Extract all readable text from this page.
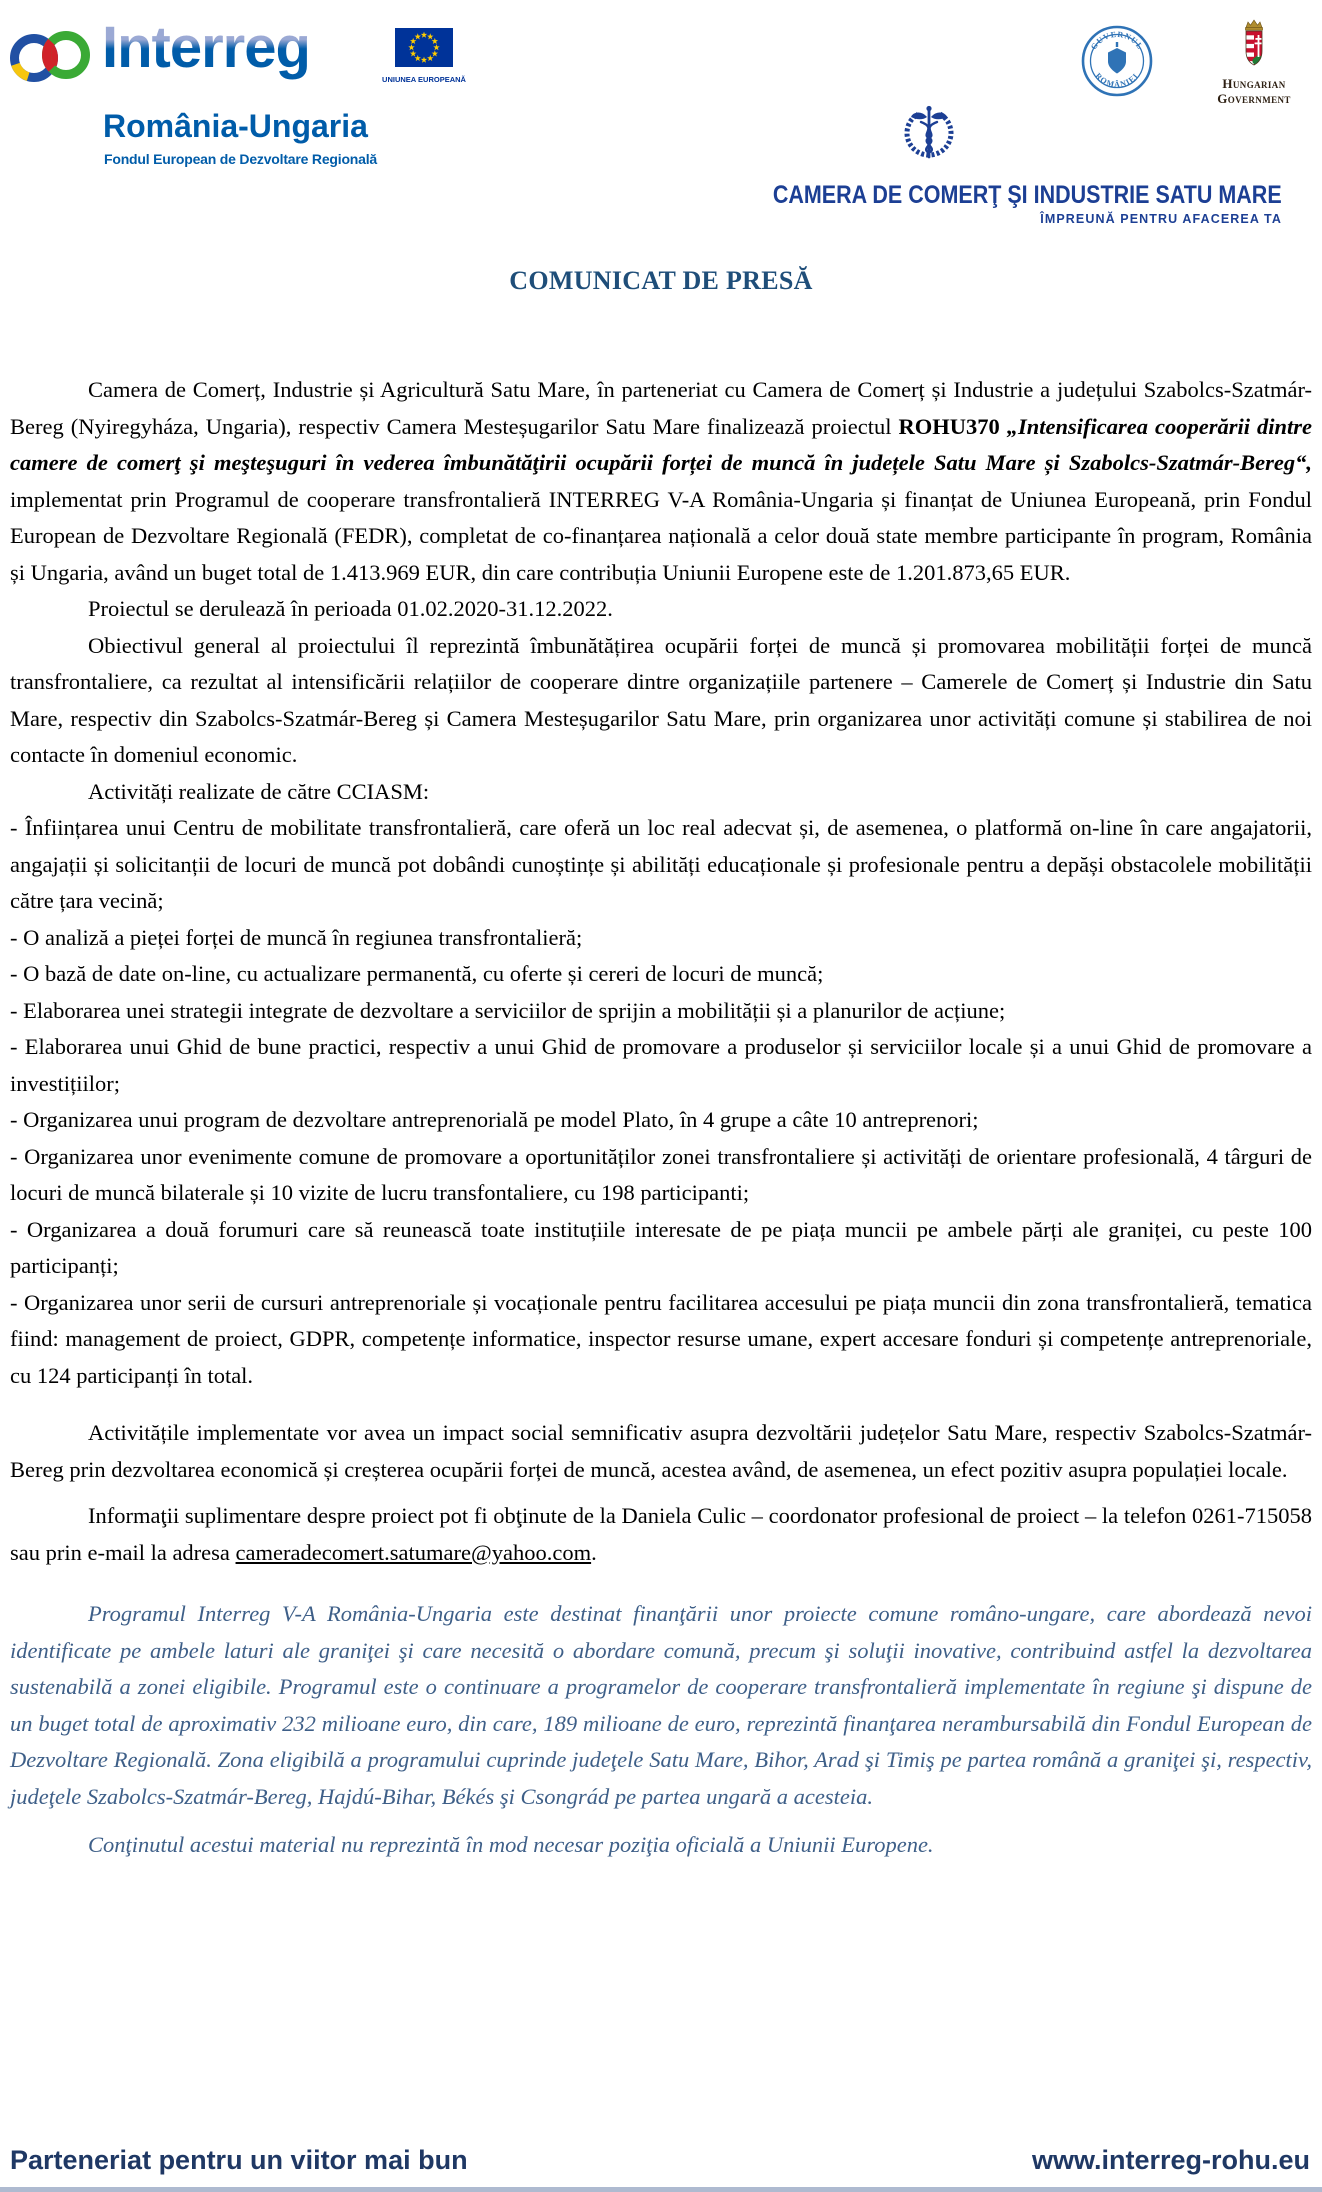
Interreg	UNIUNEA EUROPEANĂ
România-Ungaria
Fondul European de Dezvoltare Regională
GUVERNUL
ROMÂNIEI
Hungarian Government
CAMERA DE COMERŢ ŞI INDUSTRIE SATU MARE
ÎMPREUNĂ PENTRU AFACEREA TA
COMUNICAT DE PRESĂ

Camera de Comerț, Industrie și Agricultură Satu Mare, în parteneriat cu Camera de Comerț și Industrie a județului Szabolcs-Szatmár-Bereg (Nyiregyháza, Ungaria), respectiv Camera Mesteșugarilor Satu Mare finalizează proiectul ROHU370 „Intensificarea cooperării dintre camere de comerţ şi meşteşuguri în vederea îmbunătăţirii ocupării forței de muncă în județele Satu Mare și Szabolcs-Szatmár-Bereg“, implementat prin Programul de cooperare transfrontalieră INTERREG V-A România-Ungaria și finanțat de Uniunea Europeană, prin Fondul European de Dezvoltare Regională (FEDR), completat de co-finanțarea națională a celor două state membre participante în program, România și Ungaria, având un buget total de 1.413.969 EUR, din care contribuția Uniunii Europene este de 1.201.873,65 EUR.

Proiectul se derulează în perioada 01.02.2020-31.12.2022.

Obiectivul general al proiectului îl reprezintă îmbunătățirea ocupării forței de muncă și promovarea mobilității forței de muncă transfrontaliere, ca rezultat al intensificării relațiilor de cooperare dintre organizațiile partenere – Camerele de Comerț și Industrie din Satu Mare, respectiv din Szabolcs-Szatmár-Bereg și Camera Mesteșugarilor Satu Mare, prin organizarea unor activități comune și stabilirea de noi contacte în domeniul economic.

Activități realizate de către CCIASM:

- Înființarea unui Centru de mobilitate transfrontalieră, care oferă un loc real adecvat și, de asemenea, o platformă on-line în care angajatorii, angajații și solicitanții de locuri de muncă pot dobândi cunoștințe și abilități educaționale și profesionale pentru a depăși obstacolele mobilității către țara vecină;

- O analiză a pieței forței de muncă în regiunea transfrontalieră;

- O bază de date on-line, cu actualizare permanentă, cu oferte și cereri de locuri de muncă;

- Elaborarea unei strategii integrate de dezvoltare a serviciilor de sprijin a mobilității și a planurilor de acțiune;

- Elaborarea unui Ghid de bune practici, respectiv a unui Ghid de promovare a produselor și serviciilor locale și a unui Ghid de promovare a investițiilor;

- Organizarea unui program de dezvoltare antreprenorială pe model Plato, în 4 grupe a câte 10 antreprenori;

- Organizarea unor evenimente comune de promovare a oportunităților zonei transfrontaliere și activități de orientare profesională, 4 târguri de locuri de muncă bilaterale și 10 vizite de lucru transfontaliere, cu 198 participanti;

- Organizarea a două forumuri care să reunească toate instituțiile interesate de pe piața muncii pe ambele părți ale graniței, cu peste 100 participanți;

- Organizarea unor serii de cursuri antreprenoriale și vocaționale pentru facilitarea accesului pe piața muncii din zona transfrontalieră, tematica fiind: management de proiect, GDPR, competențe informatice, inspector resurse umane, expert accesare fonduri și competențe antreprenoriale, cu 124 participanți în total.

Activitățile implementate vor avea un impact social semnificativ asupra dezvoltării județelor Satu Mare, respectiv Szabolcs-Szatmár-Bereg prin dezvoltarea economică și creșterea ocupării forței de muncă, acestea având, de asemenea, un efect pozitiv asupra populației locale.

Informaţii suplimentare despre proiect pot fi obţinute de la Daniela Culic – coordonator profesional de proiect – la telefon 0261-715058 sau prin e-mail la adresa cameradecomert.satumare@yahoo.com.

Programul Interreg V-A România-Ungaria este destinat finanţării unor proiecte comune româno-ungare, care abordează nevoi identificate pe ambele laturi ale graniţei şi care necesită o abordare comună, precum şi soluţii inovative, contribuind astfel la dezvoltarea sustenabilă a zonei eligibile. Programul este o continuare a programelor de cooperare transfrontalieră implementate în regiune şi dispune de un buget total de aproximativ 232 milioane euro, din care, 189 milioane de euro, reprezintă finanţarea nerambursabilă din Fondul European de Dezvoltare Regională. Zona eligibilă a programului cuprinde judeţele Satu Mare, Bihor, Arad şi Timiş pe partea română a graniţei şi, respectiv, judeţele Szabolcs-Szatmár-Bereg, Hajdú-Bihar, Békés şi Csongrád pe partea ungară a acesteia.

Conţinutul acestui material nu reprezintă în mod necesar poziţia oficială a Uniunii Europene.

Parteneriat pentru un viitor mai bun	www.interreg-rohu.eu
